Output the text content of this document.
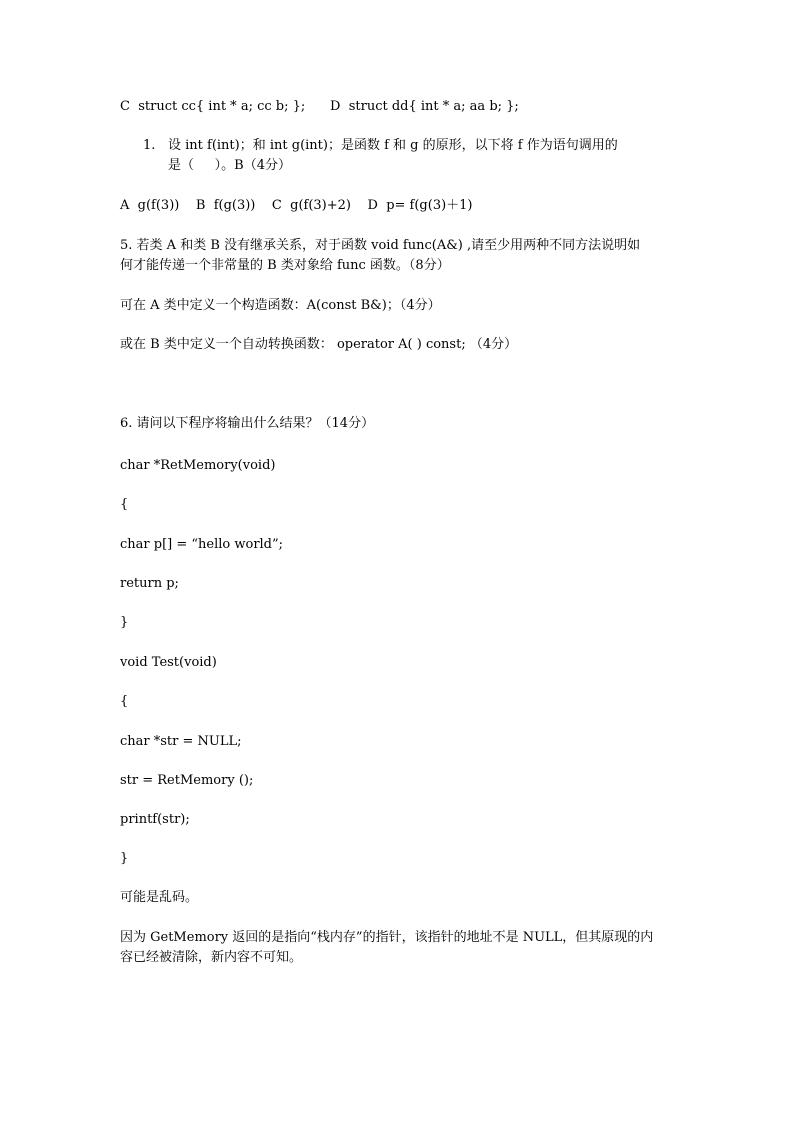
C  struct cc{ int * a; cc b; };      D  struct dd{ int * a; aa b; };
1. 设 int f(int)；和 int g(int)；是函数 f 和 g 的原形，以下将 f 作为语句调用的
是（     ）。B（4分）
A  g(f(3))    B  f(g(3))    C  g(f(3)+2)    D  p= f(g(3)＋1)
5. 若类 A 和类 B 没有继承关系，对于函数 void func(A&) ,请至少用两种不同方法说明如
何才能传递一个非常量的 B 类对象给 func 函数。（8分）
可在 A 类中定义一个构造函数：A(const B&)；（4分）
或在 B 类中定义一个自动转换函数： operator A( ) const; （4分）
6. 请问以下程序将输出什么结果？（14分）
char *RetMemory(void)
{
char p[] = “hello world”;
return p;
}
void Test(void)
{
char *str = NULL;
str = RetMemory ();
printf(str);
}
可能是乱码。
因为 GetMemory 返回的是指向“栈内存”的指针，该指针的地址不是 NULL，但其原现的内
容已经被清除，新内容不可知。
